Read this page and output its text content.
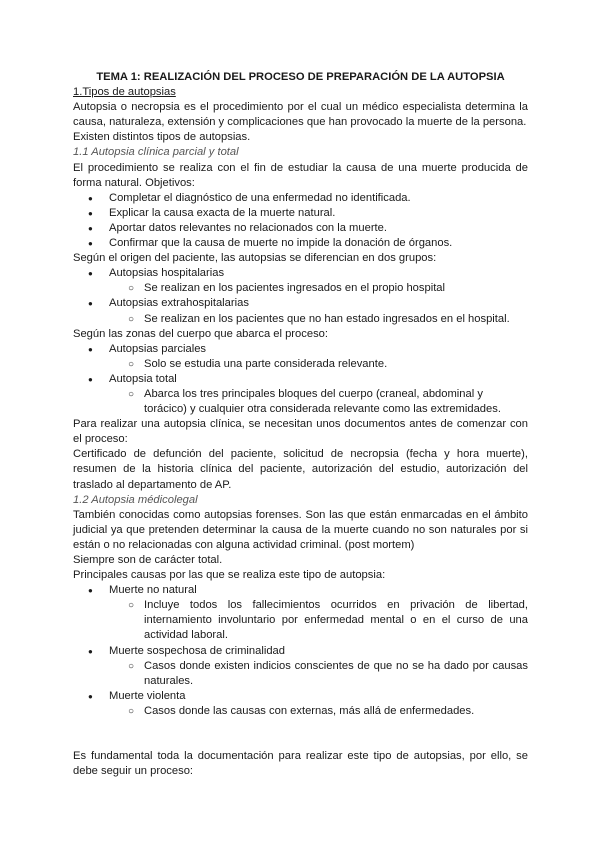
TEMA 1: REALIZACIÓN DEL PROCESO DE PREPARACIÓN DE LA AUTOPSIA

1.Tipos de autopsias

Autopsia o necropsia es el procedimiento por el cual un médico especialista determina la causa, naturaleza, extensión y complicaciones que han provocado la muerte de la persona.

Existen distintos tipos de autopsias.

1.1 Autopsia clínica parcial y total

El procedimiento se realiza con el fin de estudiar la causa de una muerte producida de forma natural. Objetivos:

● Completar el diagnóstico de una enfermedad no identificada.
● Explicar la causa exacta de la muerte natural.
● Aportar datos relevantes no relacionados con la muerte.
● Confirmar que la causa de muerte no impide la donación de órganos.

Según el origen del paciente, las autopsias se diferencian en dos grupos:

● Autopsias hospitalarias
○ Se realizan en los pacientes ingresados en el propio hospital
● Autopsias extrahospitalarias
○ Se realizan en los pacientes que no han estado ingresados en el hospital.

Según las zonas del cuerpo que abarca el proceso:

● Autopsias parciales
○ Solo se estudia una parte considerada relevante.
● Autopsia total
○ Abarca los tres principales bloques del cuerpo (craneal, abdominal y torácico) y cualquier otra considerada relevante como las extremidades.

Para realizar una autopsia clínica, se necesitan unos documentos antes de comenzar con el proceso:

Certificado de defunción del paciente, solicitud de necropsia (fecha y hora muerte), resumen de la historia clínica del paciente, autorización del estudio, autorización del traslado al departamento de AP.

1.2 Autopsia médicolegal

También conocidas como autopsias forenses. Son las que están enmarcadas en el ámbito judicial ya que pretenden determinar la causa de la muerte cuando no son naturales por si están o no relacionadas con alguna actividad criminal. (post mortem)

Siempre son de carácter total.

Principales causas por las que se realiza este tipo de autopsia:

● Muerte no natural
○ Incluye todos los fallecimientos ocurridos en privación de libertad, internamiento involuntario por enfermedad mental o en el curso de una actividad laboral.
● Muerte sospechosa de criminalidad
○ Casos donde existen indicios conscientes de que no se ha dado por causas naturales.
● Muerte violenta
○ Casos donde las causas con externas, más allá de enfermedades.

Es fundamental toda la documentación para realizar este tipo de autopsias, por ello, se debe seguir un proceso:
